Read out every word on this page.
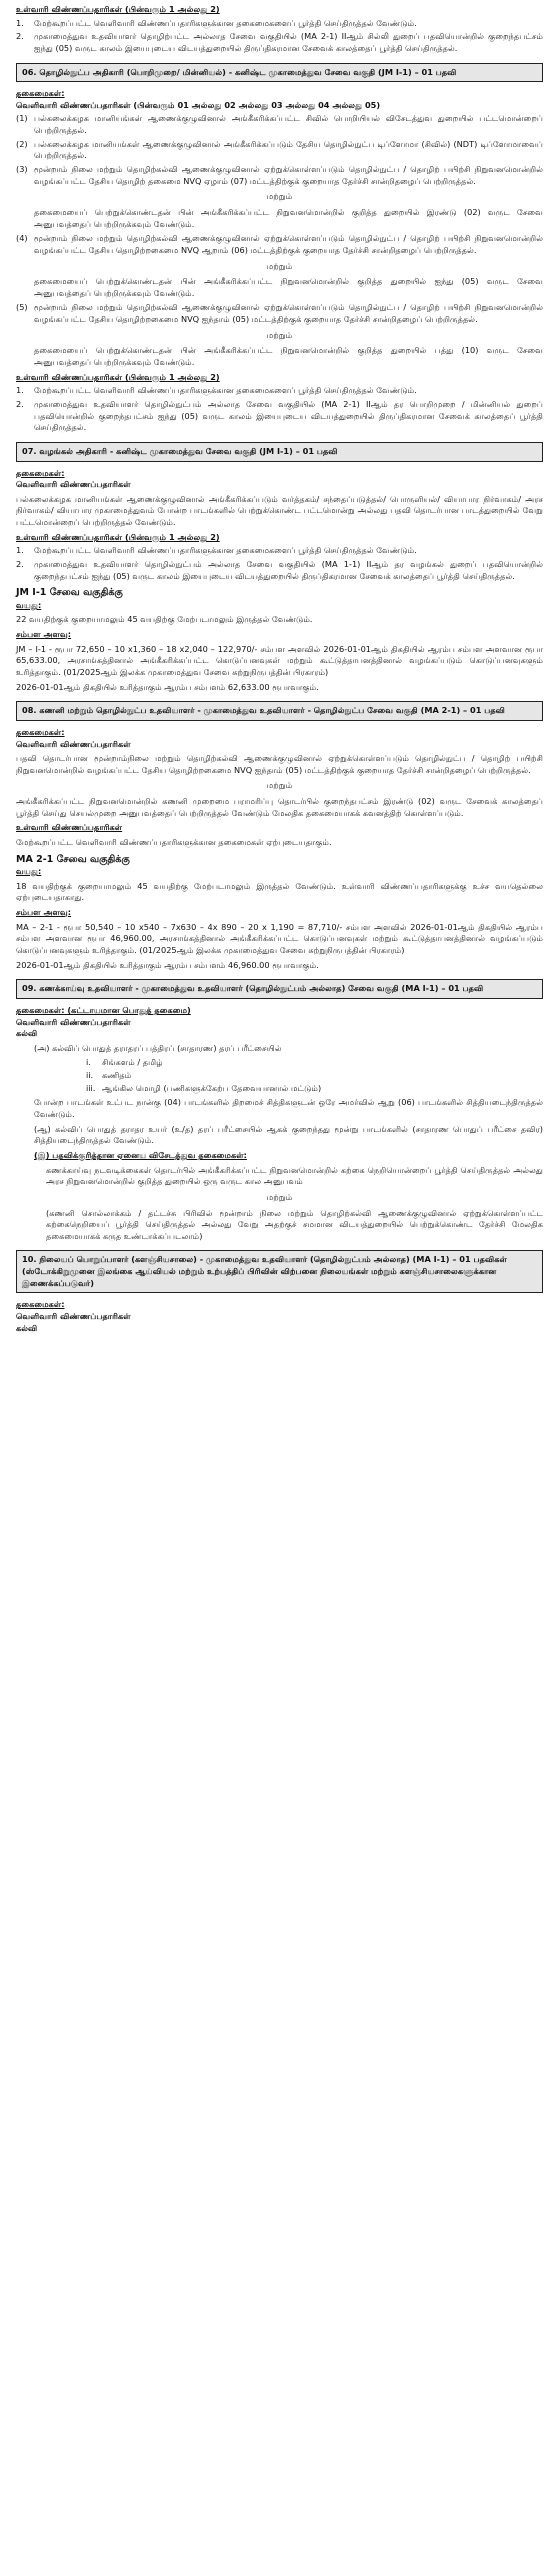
உள்வாரி விண்ணப்பதாரிகள் (பின்வரும் 1 அல்லது 2)
1.	மேற்கூறப்பட்ட வெளிவாரி விண்ணப்பதாரிகளுக்கான தகைமைகளைப் பூர்த்தி செய்திருத்தல் வேண்டும்.
2.	முகாமைத்துவ உதவியாளர் தொழிற்பட்ட அல்லாத சேவை வகுதியில் (MA 2-1) IIஆம் சில்லி துறைப் பதவியொன்றில் குறைந்தபட்சம் ஐந்து (05) வருட காலம் இயைபுடைய விடயத்துறையில் திருப்திகரமான சேவைக் காலத்தைப் பூர்த்தி செய்திருத்தல்.
06. தொழில்நுட்ப அதிகாரி (பொறிமுறை/ மின்னியல்) - கனிஷ்ட முகாமைத்துவ சேவை வகுதி (JM I-1) – 01 பதவி
தகைமைகள்:
வெளிவாரி விண்ணப்பதாரிகள் (பின்வரும் 01 அல்லது 02 அல்லது 03 அல்லது 04 அல்லது 05)
(1) பல்கலைக்கழக மானியங்கள் ஆணைக்குழுவினால் அங்கீகரிக்கப்பட்ட சிவில் பொறியியல் விசேடத்துவ துறையில் பட்டமொன்றைப் பெற்றிருத்தல்.
(2) பல்கலைக்கழக மானியங்கள் ஆணைக்குழுவினால் அங்கீகரிக்கப்படும் தேசிய தொழில்நுட்ப டிப்ளோமா (சிவில்) (NDT) டிப்ளோமாவைப் பெற்றிருத்தல்.
(3) மூன்றாம் நிலை மற்றும் தொழிற்கல்வி ஆணைக்குழுவினால் ஏற்றுக்கொள்ளப்படும் தொழில்நுட்ப / தொழிற் பயிற்சி நிறுவனமொன்றில் வழங்கப்பட்ட தேசிய தொழிற் தகைமை NVQ ஏழாம் (07) மட்டத்திற்குக் குறையாத தேர்ச்சி சான்றிதழைப் பெற்றிருத்தல்.
மற்றும்
தகைமையைப் பெற்றுக்கொண்டதன் பின் அங்கீகரிக்கப்பட்ட நிறுவனமொன்றில் குறித்த துறையில் இரண்டு (02) வருட சேவை அனுபவத்தைப் பெற்றிருக்கவும் வேண்டும்.
(4) மூன்றாம் நிலை மற்றும் தொழிற்கல்வி ஆணைக்குழுவினால் ஏற்றுக்கொள்ளப்படும் தொழில்நுட்ப / தொழிற் பயிற்சி நிறுவனமொன்றில் வழங்கப்பட்ட தேசிய தொழிற்றகைமை NVQ ஆறாம் (06) மட்டத்திற்குக் குறையாத தேர்ச்சி சான்றிதழைப் பெற்றிருத்தல்.
மற்றும்
தகைமையைப் பெற்றுக்கொண்டதன் பின் அங்கீகரிக்கப்பட்ட நிறுவனமொன்றில் குறித்த துறையில் ஐந்து (05) வருட சேவை அனுபவத்தைப் பெற்றிருக்கவும் வேண்டும்.
(5) மூன்றாம் நிலை மற்றும் தொழிற்கல்வி ஆணைக்குழுவினால் ஏற்றுக்கொள்ளப்படும் தொழில்நுட்ப / தொழிற் பயிற்சி நிறுவனமொன்றில் வழங்கப்பட்ட தேசிய தொழிற்றகைமை NVQ ஐந்தாம் (05) மட்டத்திற்குக் குறையாத தேர்ச்சி சான்றிதழைப் பெற்றிருத்தல்.
மற்றும்
தகைமையைப் பெற்றுக்கொண்டதன் பின் அங்கீகரிக்கப்பட்ட நிறுவனமொன்றில் குறித்த துறையில் பத்து (10) வருட சேவை அனுபவத்தைப் பெற்றிருக்கவும் வேண்டும்.
உள்வாரி விண்ணப்பதாரிகள் (பின்வரும் 1 அல்லது 2)
1.	மேற்கூறப்பட்ட வெளிவாரி விண்ணப்பதாரிகளுக்கான தகைமைகளைப் பூர்த்தி செய்திருத்தல் வேண்டும்.
2.	முகாமைத்துவ உதவியாளர் தொழில்நுட்பம் அல்லாத சேவை வகுதியில் (MA 2-1) IIஆம் தர பொறிமுறை / மின்னியல் துறைப் பதவியொன்றில் குறைந்தபட்சம் ஐந்து (05) வருட காலம் இயைபுடைய விடயத்துறையில் திருப்திகரமான சேவைக் காலத்தைப் பூர்த்தி செய்திருத்தல்.
07. வழங்கல் அதிகாரி - கனிஷ்ட முகாமைத்துவ சேவை வகுதி (JM I-1) – 01 பதவி
தகைமைகள்:
வெளிவாரி விண்ணப்பதாரிகள்
பல்கலைக்கழக மானியங்கள் ஆணைக்குழுவினால் அங்கீகரிக்கப்படும் வர்த்தகம்/ சந்தைப்படுத்தல்/ பொருளியல்/ வியாபார நிர்வாகம்/ அரச நிர்வாகம்/ வியாபார முகாமைத்துவம் போன்ற பாடங்களில் பெற்றுக்கொண்ட பட்டமொன்று அல்லது பதவி தொடர்பான பாடத்துறையில் வேறு பட்டமொன்றைப் பெற்றிருத்தல் வேண்டும்.
உள்வாரி விண்ணப்பதாரிகள் (பின்வரும் 1 அல்லது 2)
1.	மேற்கூறப்பட்ட வெளிவாரி விண்ணப்பதாரிகளுக்கான தகைமைகளைப் பூர்த்தி செய்திருத்தல் வேண்டும்.
2.	முகாமைத்துவ உதவியாளர் தொழில்நுட்பம் அல்லாத சேவை வகுதியில் (MA 1-1) IIஆம் தர வழங்கல் துறைப் பதவியொன்றில் குறைந்தபட்சம் ஐந்து (05) வருட காலம் இயைபுடைய விடயத்துறையில் திருப்திகரமான சேவைக் காலத்தைப் பூர்த்தி செய்திருத்தல்.
JM I-1 சேவை வகுதிக்கு
வயது:
22 வயதிற்குக் குறையாமலும் 45 வயதிற்கு மேற்படாமலும் இருத்தல் வேண்டும்.
சம்பள அளவு:
JM – I-1 - ரூபா 72,650 – 10 x1,360 – 18 x2,040 – 122,970/- சம்பள அளவில் 2026-01-01ஆம் திகதியில் ஆரம்ப சம்பள அளவான ரூபா 65,633.00, அரசாங்கத்தினால் அங்கீகரிக்கப்பட்ட கொடுப்பனவுகள் மற்றும் கூட்டுத்தாபனத்தினால் வழங்கப்படும் கொடுப்பனவுகளும் உரித்தாகும். (01/2025ஆம் இலக்க முகாமைத்துவ சேவை சுற்றுநிருபத்தின் பிரகாரம்)
2026-01-01ஆம் திகதியில் உரித்தாகும் ஆரம்ப சம்பளம் 62,633.00 ரூபாவாகும்.
08. கணனி மற்றும் தொழில்நுட்ப உதவியாளர் - முகாமைத்துவ உதவியாளர் - தொழில்நுட்ப சேவை வகுதி (MA 2-1) – 01 பதவி
தகைமைகள்:
வெளிவாரி விண்ணப்பதாரிகள்
பதவி தொடர்பான மூன்றாம்நிலை மற்றும் தொழிற்கல்வி ஆணைக்குழுவினால் ஏற்றுக்கொள்ளப்படும் தொழில்நுட்ப / தொழிற் பயிற்சி நிறுவனமொன்றில் வழங்கப்பட்ட தேசிய தொழிற்றகைமை NVQ ஐந்தாம் (05) மட்டத்திற்குக் குறையாத தேர்ச்சி சான்றிதழைப் பெற்றிருத்தல்.
மற்றும்
அங்கீகரிக்கப்பட்ட நிறுவனமொன்றில் கணனி முறைமை பராமரிப்பு தொடர்பில் குறைந்தபட்சம் இரண்டு (02) வருட சேவைக் காலத்தைப் பூர்த்தி செய்து செயல்முறை அனுபவத்தைப் பெற்றிருத்தல் வேண்டும் மேலதிக தகைமையாகக் கவனத்திற் கொள்ளப்படும்.
உள்வாரி விண்ணப்பதாரிகள்
மேற்கூறப்பட்ட வெளிவாரி விண்ணப்பதாரிகளுக்கான தகைமைகள் ஏற்புடையதாகும்.
MA 2-1 சேவை வகுதிக்கு
வயது:
18 வயதிற்குக் குறையாமலும் 45 வயதிற்கு மேற்படாமலும் இருத்தல் வேண்டும். உள்வாரி விண்ணப்பதாரிகளுக்கு உச்ச வயதெல்லை ஏற்புடையதாகாது.
சம்பள அளவு:
MA – 2-1 - ரூபா 50,540 – 10 x540 – 7x630 – 4x 890 – 20 x 1,190 = 87,710/- சம்பள அளவில் 2026-01-01ஆம் திகதியில் ஆரம்ப சம்பள அளவான ரூபா 46,960.00, அரசாங்கத்தினால் அங்கீகரிக்கப்பட்ட கொடுப்பனவுகள் மற்றும் கூட்டுத்தாபனத்தினால் வழங்கப்படும் கொடுப்பனவுகளும் உரித்தாகும். (01/2025ஆம் இலக்க முகாமைத்துவ சேவை சுற்றுநிருபத்தின் பிரகாரம்)
2026-01-01ஆம் திகதியில் உரித்தாகும் ஆரம்ப சம்பளம் 46,960.00 ரூபாவாகும்.
09. கணக்காய்வு உதவியாளர் - முகாமைத்துவ உதவியாளர் (தொழில்நுட்பம் அல்லாத) சேவை வகுதி (MA I-1) – 01 பதவி
தகைமைகள்: (கட்டாயமான பொதுத் தகைமை)
வெளிவாரி விண்ணப்பதாரிகள்
கல்வி
(அ) கல்விப் பொதுத் தராதரப் பத்திரப் (சாதாரண) தரப் பரீட்சையில்
i.	சிங்களம் / தமிழ்
ii.	கணிதம்
iii. ஆங்கில மொழி (பணிகளுக்கேற்ப தேவையானால் மட்டும்)
போன்ற பாடங்கள் உட்பட நான்கு (04) பாடங்களில் திறமைச் சித்திகளுடன் ஒரே அமர்வில் ஆறு (06) பாடங்களில் சித்தியடைந்திருத்தல் வேண்டும்.
(ஆ) கல்விப் பொதுத் தராதர உயர் (உ/த) தரப் பரீட்சையில் ஆகக் குறைந்தது மூன்று பாடங்களில் (சாதாரண பொதுப் பரீட்சை தவிர) சித்தியடைந்திருத்தல் வேண்டும்.
(இ) பதவிக்குரித்தான ஏனைய விசேடத்துவ தகைமைகள்:
கணக்காய்வு நடவடிக்கைகள் தொடர்பில் அங்கீகரிக்கப்பட்ட நிறுவனமொன்றில் கற்கை நெறியொன்றைப் பூர்த்தி செய்திருத்தல் அல்லது அரச நிறுவனமொன்றில் குறித்த துறையில் ஒரு வருட கால அனுபவம்
மற்றும்
(கணனி சொல்லாக்கம் / தட்டச்சு பிரிவில் மூன்றாம் நிலை மற்றும் தொழிற்கல்வி ஆணைக்குழுவினால் ஏற்றுக்கொள்ளப்பட்ட கற்கைநெறியைப் பூர்த்தி செய்திருத்தல் அல்லது வேறு அதற்குச் சமமான விடயத்துறையில் பெற்றுக்கொண்ட தேர்ச்சி மேலதிக தகைமையாகக் கருத உண்டாக்கப்படலாம்)
10. நிலையப் பொறுப்பாளர் (களஞ்சியசாலை) - முகாமைத்துவ உதவியாளர் (தொழில்நுட்பம் அல்லாத) (MA I-1) – 01 பதவிகள் (ஸ்டோக்கிறுமுனை இலங்கை ஆய்வியல் மற்றும் உற்பத்திப் பிரிவின் விற்பனை நிலையங்கள் மற்றும் களஞ்சியசாலைகளுக்கான இணைக்கப்படுவர்)
தகைமைகள்:
வெளிவாரி விண்ணப்பதாரிகள்
கல்வி
